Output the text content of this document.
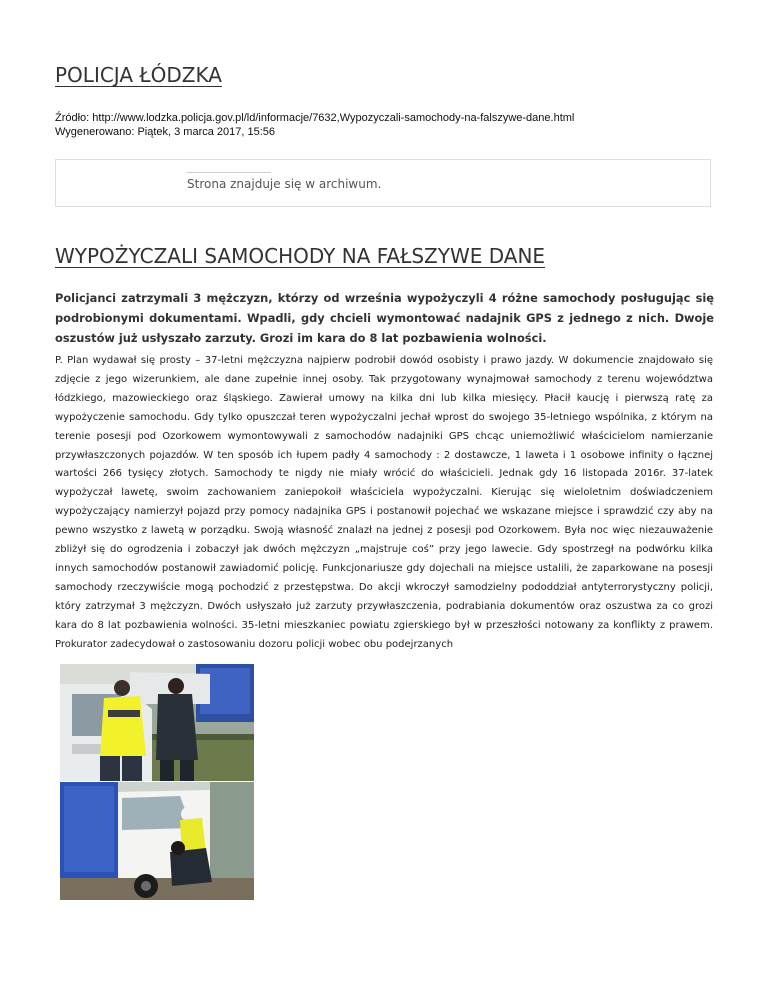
POLICJA ŁÓDZKA
Źródło: http://www.lodzka.policja.gov.pl/ld/informacje/7632,Wypozyczali-samochody-na-falszywe-dane.html
Wygenerowano: Piątek, 3 marca 2017, 15:56
Strona znajduje się w archiwum.
WYPOŻYCZALI SAMOCHODY NA FAŁSZYWE DANE

Policjanci zatrzymali 3 mężczyzn, którzy od września wypożyczyli 4 różne samochody posługując się podrobionymi dokumentami. Wpadli, gdy chcieli wymontować nadajnik GPS z jednego z nich. Dwoje oszustów już usłyszało zarzuty. Grozi im kara do 8 lat pozbawienia wolności.

P. Plan wydawał się prosty – 37-letni mężczyzna najpierw podrobił dowód osobisty i prawo jazdy. W dokumencie znajdowało się zdjęcie z jego wizerunkiem, ale dane zupełnie innej osoby. Tak przygotowany wynajmował samochody z terenu województwa łódzkiego, mazowieckiego oraz śląskiego. Zawierał umowy na kilka dni lub kilka miesięcy. Płacił kaucję i pierwszą ratę za wypożyczenie samochodu. Gdy tylko opuszczał teren wypożyczalni jechał wprost do swojego 35-letniego wspólnika, z którym na terenie posesji pod Ozorkowem wymontowywali z samochodów nadajniki GPS chcąc uniemożliwić właścicielom namierzanie przywłaszczonych pojazdów. W ten sposób ich łupem padły 4 samochody : 2 dostawcze, 1 laweta i 1 osobowe infinity o łącznej wartości 266 tysięcy złotych. Samochody te nigdy nie miały wrócić do właścicieli. Jednak gdy 16 listopada 2016r. 37-latek wypożyczał lawetę, swoim zachowaniem zaniepokoił właściciela wypożyczalni. Kierując się wieloletnim doświadczeniem wypożyczający namierzył pojazd przy pomocy nadajnika GPS i postanowił pojechać we wskazane miejsce i sprawdzić czy aby na pewno wszystko z lawetą w porządku. Swoją własność znalazł na jednej z posesji pod Ozorkowem. Była noc więc niezauważenie zbliżył się do ogrodzenia i zobaczył jak dwóch mężczyzn „majstruje coś” przy jego lawecie. Gdy spostrzegł na podwórku kilka innych samochodów postanowił zawiadomić policję. Funkcjonariusze gdy dojechali na miejsce ustalili, że zaparkowane na posesji samochody rzeczywiście mogą pochodzić z przestępstwa. Do akcji wkroczył samodzielny pododdział antyterrorystyczny policji, który zatrzymał 3 mężczyzn. Dwóch usłyszało już zarzuty przywłaszczenia, podrabiania dokumentów oraz oszustwa za co grozi kara do 8 lat pozbawienia wolności. 35-letni mieszkaniec powiatu zgierskiego był w przeszłości notowany za konflikty z prawem. Prokurator zadecydował o zastosowaniu dozoru policji wobec obu podejrzanych
